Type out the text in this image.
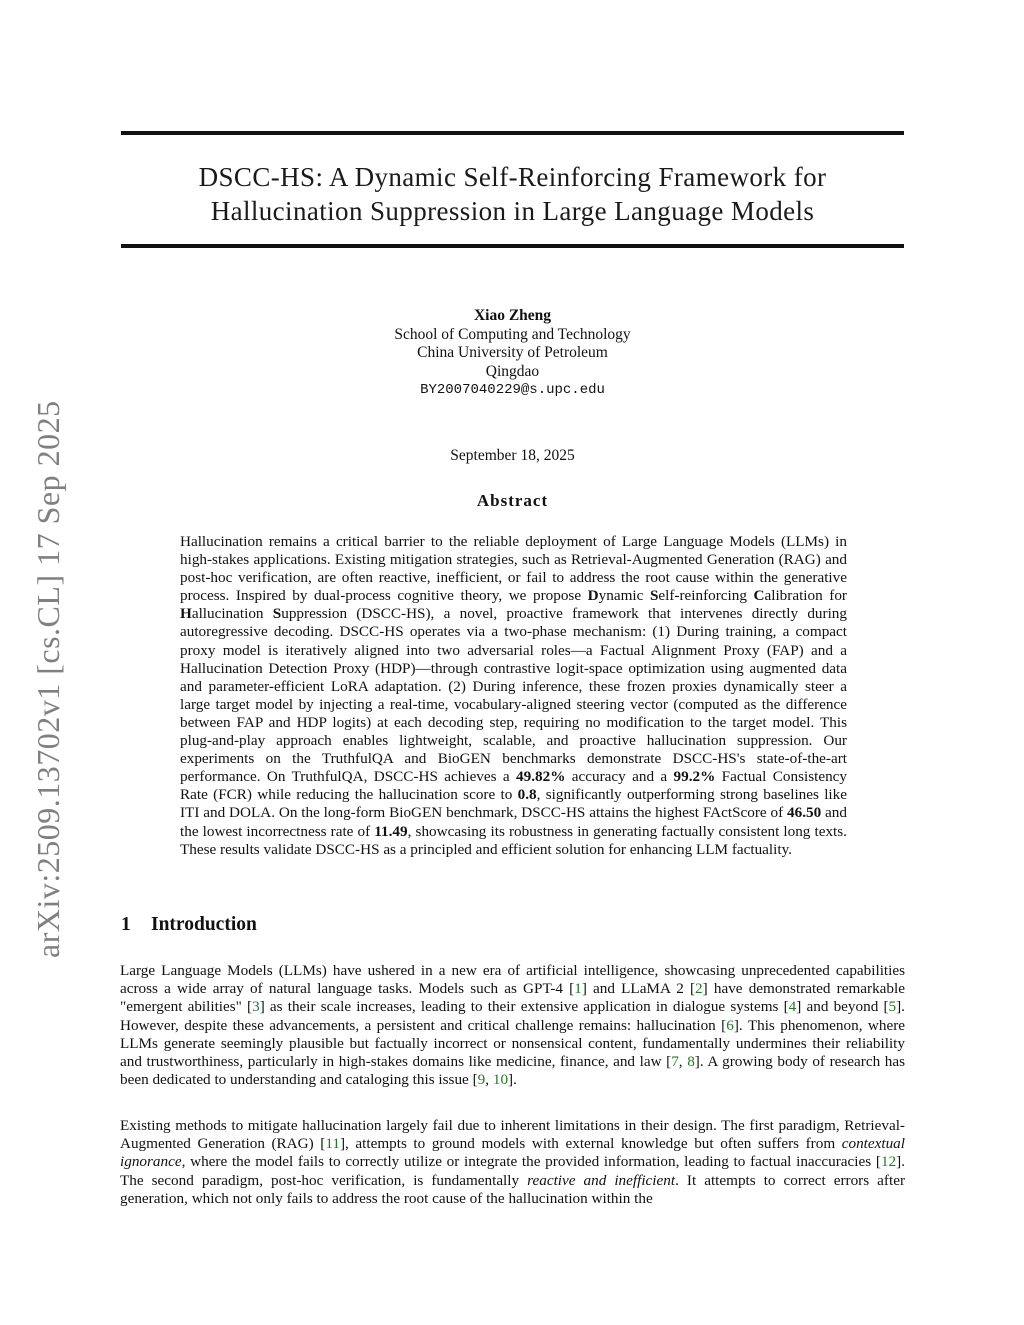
arXiv:2509.13702v1 [cs.CL] 17 Sep 2025
DSCC-HS: A Dynamic Self-Reinforcing Framework for
Hallucination Suppression in Large Language Models
Xiao Zheng
School of Computing and Technology
China University of Petroleum
Qingdao
BY2007040229@s.upc.edu
September 18, 2025
Abstract

Hallucination remains a critical barrier to the reliable deployment of Large Language Models (LLMs) in high-stakes applications. Existing mitigation strategies, such as Retrieval-Augmented Generation (RAG) and post-hoc verification, are often reactive, inefficient, or fail to address the root cause within the generative process. Inspired by dual-process cognitive theory, we propose Dynamic Self-reinforcing Calibration for Hallucination Suppression (DSCC-HS), a novel, proactive framework that intervenes directly during autoregressive decoding. DSCC-HS operates via a two-phase mechanism: (1) During training, a compact proxy model is iteratively aligned into two adversarial roles—a Factual Alignment Proxy (FAP) and a Hallucination Detection Proxy (HDP)—through contrastive logit-space optimization using augmented data and parameter-efficient LoRA adaptation. (2) During inference, these frozen proxies dynamically steer a large target model by injecting a real-time, vocabulary-aligned steering vector (computed as the difference between FAP and HDP logits) at each decoding step, requiring no modification to the target model. This plug-and-play approach enables lightweight, scalable, and proactive hallucination suppression. Our experiments on the TruthfulQA and BioGEN benchmarks demonstrate DSCC-HS's state-of-the-art performance. On TruthfulQA, DSCC-HS achieves a 49.82% accuracy and a 99.2% Factual Consistency Rate (FCR) while reducing the hallucination score to 0.8, significantly outperforming strong baselines like ITI and DOLA. On the long-form BioGEN benchmark, DSCC-HS attains the highest FActScore of 46.50 and the lowest incorrectness rate of 11.49, showcasing its robustness in generating factually consistent long texts. These results validate DSCC-HS as a principled and efficient solution for enhancing LLM factuality.

1 Introduction

Large Language Models (LLMs) have ushered in a new era of artificial intelligence, showcasing unprecedented capabilities across a wide array of natural language tasks. Models such as GPT-4 [1] and LLaMA 2 [2] have demonstrated remarkable "emergent abilities" [3] as their scale increases, leading to their extensive application in dialogue systems [4] and beyond [5]. However, despite these advancements, a persistent and critical challenge remains: hallucination [6]. This phenomenon, where LLMs generate seemingly plausible but factually incorrect or nonsensical content, fundamentally undermines their reliability and trustworthiness, particularly in high-stakes domains like medicine, finance, and law [7, 8]. A growing body of research has been dedicated to understanding and cataloging this issue [9, 10].

Existing methods to mitigate hallucination largely fail due to inherent limitations in their design. The first paradigm, Retrieval-Augmented Generation (RAG) [11], attempts to ground models with external knowledge but often suffers from contextual ignorance, where the model fails to correctly utilize or integrate the provided information, leading to factual inaccuracies [12]. The second paradigm, post-hoc verification, is fundamentally reactive and inefficient. It attempts to correct errors after generation, which not only fails to address the root cause of the hallucination within the
